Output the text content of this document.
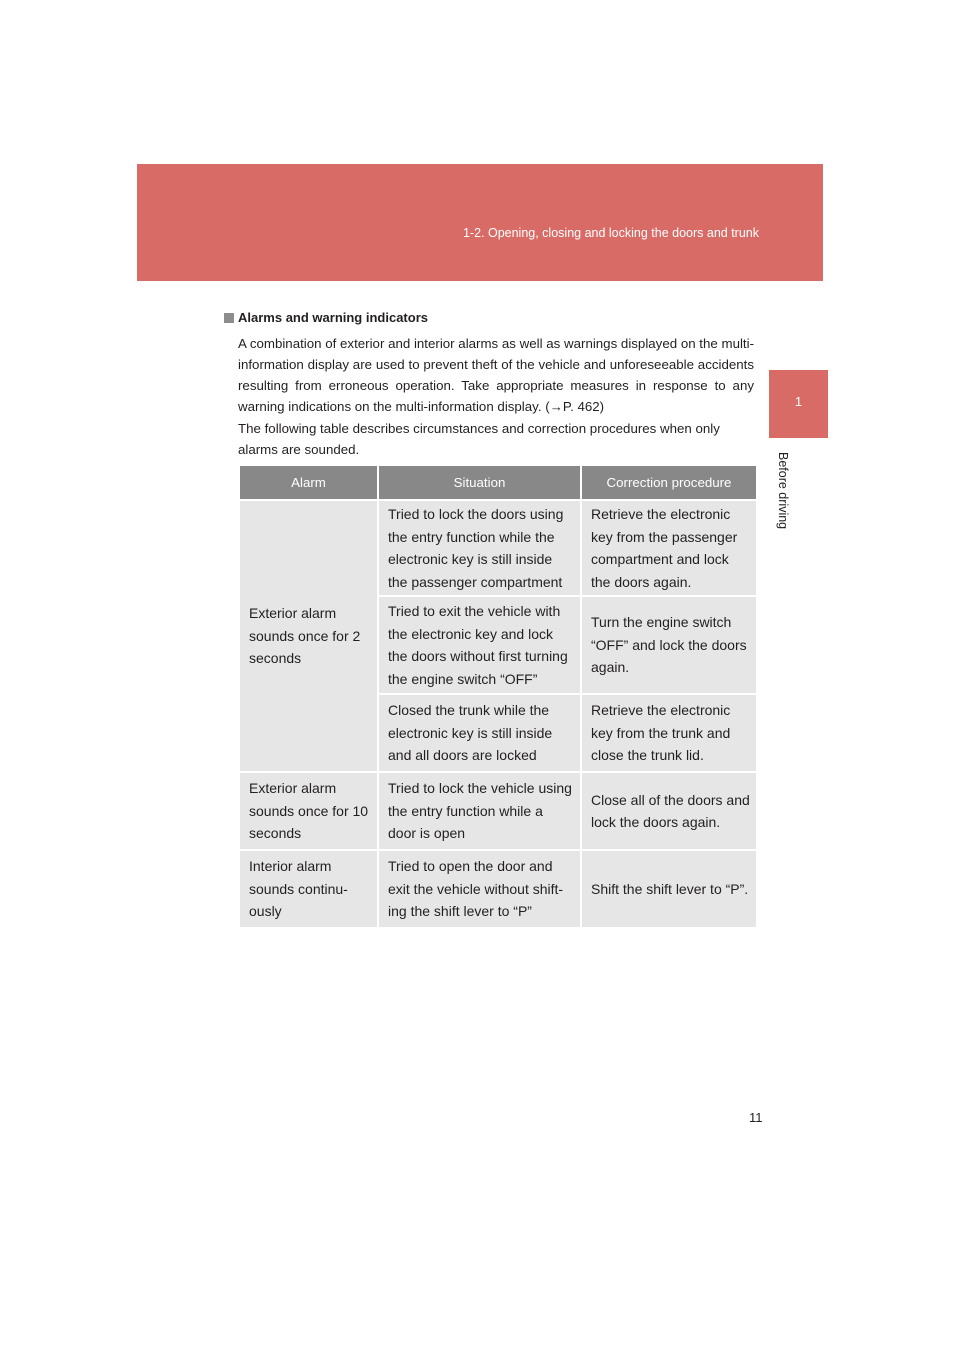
1-2. Opening, closing and locking the doors and trunk
1
Before driving
Alarms and warning indicators
A combination of exterior and interior alarms as well as warnings displayed on the multi-information display are used to prevent theft of the vehicle and unforeseeable accidents resulting from erroneous operation. Take appropriate measures in response to any warning indications on the multi-information display. (→P. 462)
The following table describes circumstances and correction procedures when only alarms are sounded.
Alarm	Situation	Correction procedure
Exterior alarm sounds once for 2 seconds	Tried to lock the doors using the entry function while the electronic key is still inside the passenger compartment	Retrieve the electronic key from the passenger compartment and lock the doors again.
	Tried to exit the vehicle with the electronic key and lock the doors without first turning the engine switch “OFF”	Turn the engine switch “OFF” and lock the doors again.
	Closed the trunk while the electronic key is still inside and all doors are locked	Retrieve the electronic key from the trunk and close the trunk lid.
Exterior alarm sounds once for 10 seconds	Tried to lock the vehicle using the entry function while a door is open	Close all of the doors and lock the doors again.
Interior alarm sounds continu-ously	Tried to open the door and exit the vehicle without shift-ing the shift lever to “P”	Shift the shift lever to “P”.
11
